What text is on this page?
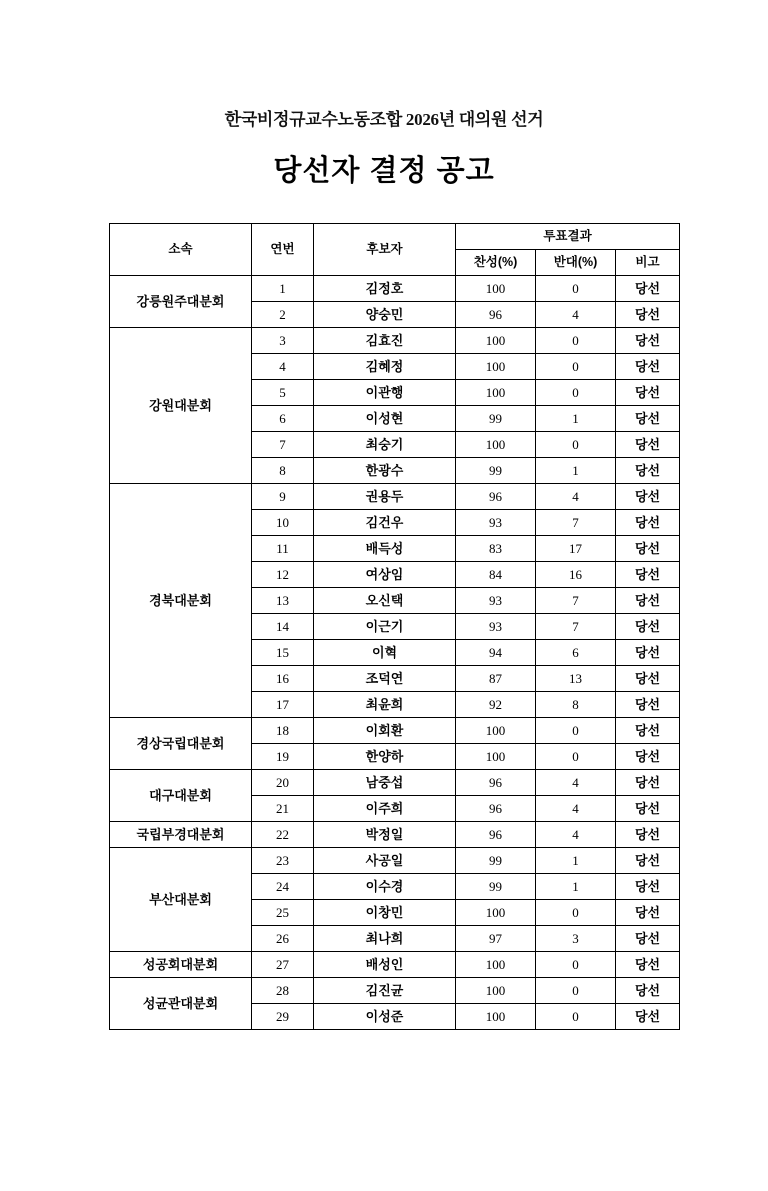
한국비정규교수노동조합 2026년 대의원 선거
당선자 결정 공고
소속	연번	후보자	투표결과		
			찬성(%)	반대(%)	비고
강릉원주대분회	1	김정호	100	0	당선
	2	양숭민	96	4	당선
강원대분회	3	김효진	100	0	당선
	4	김혜정	100	0	당선
	5	이관행	100	0	당선
	6	이성현	99	1	당선
	7	최숭기	100	0	당선
	8	한광수	99	1	당선
경북대분회	9	권용두	96	4	당선
	10	김건우	93	7	당선
	11	배득성	83	17	당선
	12	여상임	84	16	당선
	13	오신택	93	7	당선
	14	이근기	93	7	당선
	15	이혁	94	6	당선
	16	조덕연	87	13	당선
	17	최윤희	92	8	당선
경상국립대분회	18	이회환	100	0	당선
	19	한양하	100	0	당선
대구대분회	20	남중섭	96	4	당선
	21	이주희	96	4	당선
국립부경대분회	22	박정일	96	4	당선
부산대분회	23	사공일	99	1	당선
	24	이수경	99	1	당선
	25	이창민	100	0	당선
	26	최나희	97	3	당선
성공회대분회	27	배성인	100	0	당선
성균관대분회	28	김진균	100	0	당선
	29	이성준	100	0	당선
